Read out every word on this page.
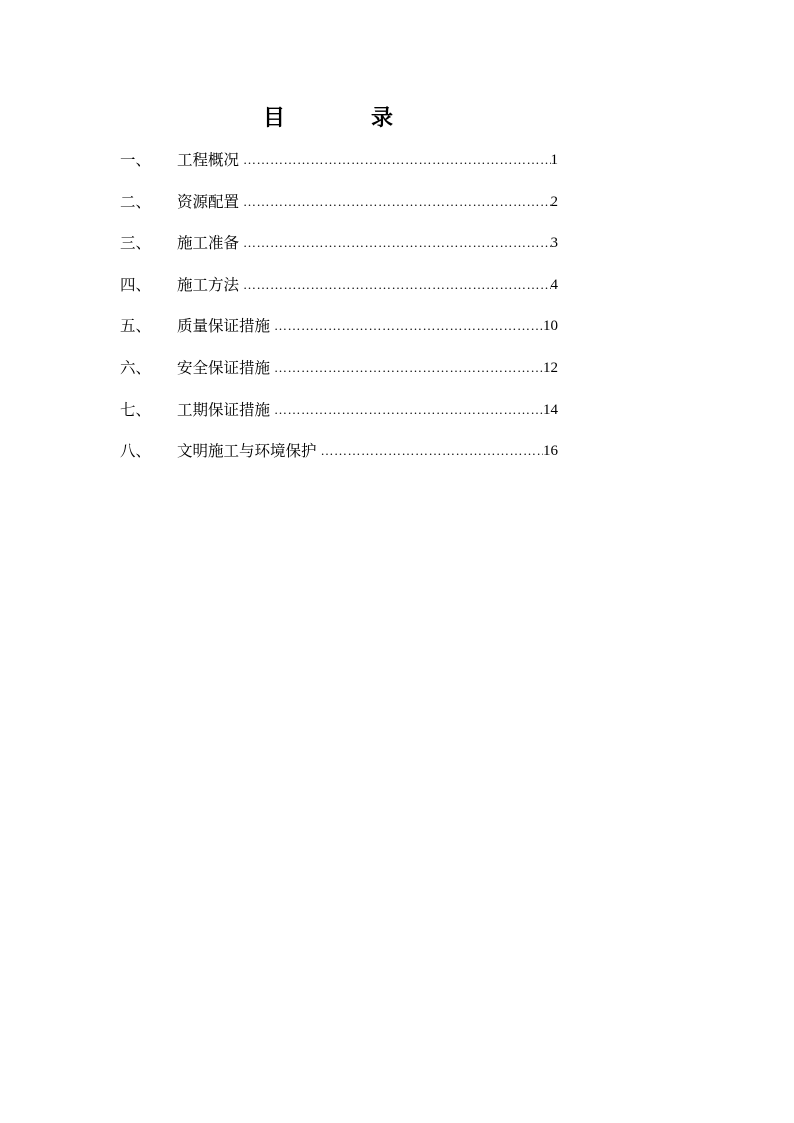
目　录
一、	工程概况 …………………………………………………………………………………………………………………………………	1
二、	资源配置 …………………………………………………………………………………………………………………………………	2
三、	施工准备 …………………………………………………………………………………………………………………………………	3
四、	施工方法 …………………………………………………………………………………………………………………………………	4
五、	质量保证措施 …………………………………………………………………………………………………………………………………	10
六、	安全保证措施 …………………………………………………………………………………………………………………………………	12
七、	工期保证措施 …………………………………………………………………………………………………………………………………	14
八、	文明施工与环境保护 …………………………………………………………………………………………………………………………………	16
